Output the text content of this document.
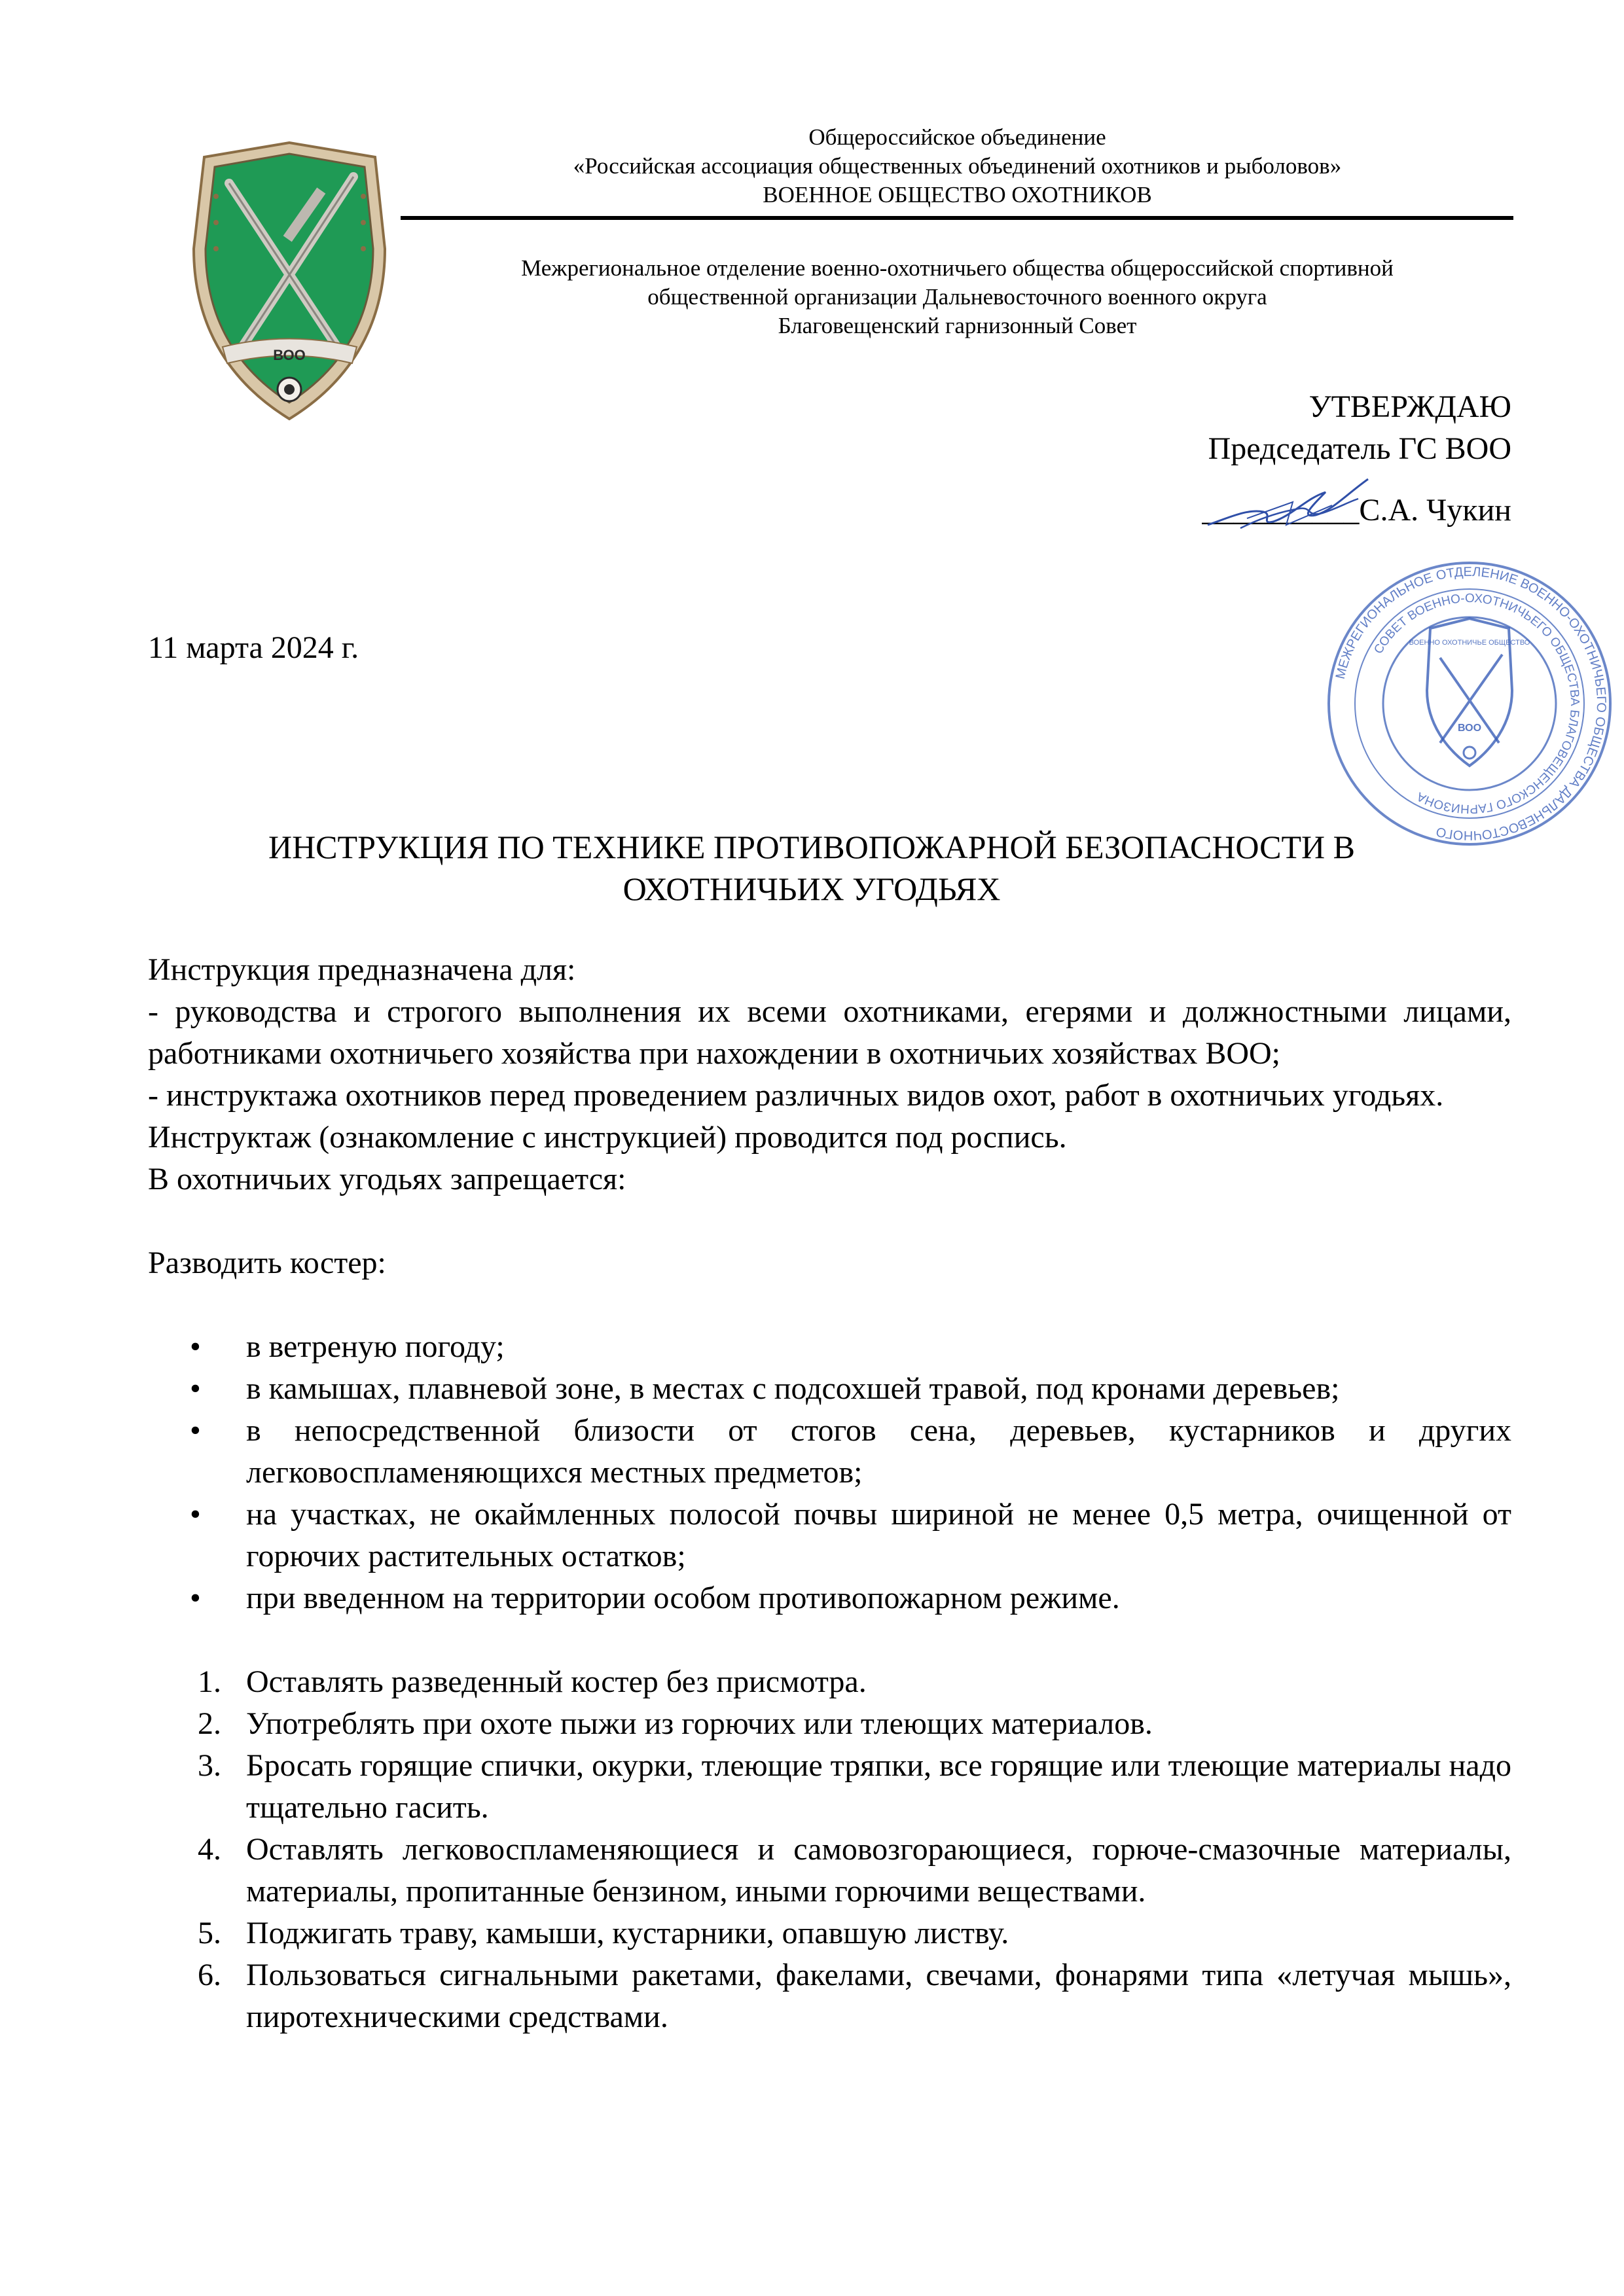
ВОО
Общероссийское объединение
«Российская ассоциация общественных объединений охотников и рыболовов»
ВОЕННОЕ ОБЩЕСТВО ОХОТНИКОВ
Межрегиональное отделение военно-охотничьего общества общероссийской спортивной
общественной организации Дальневосточного военного округа
Благовещенский гарнизонный Совет
УТВЕРЖДАЮ
Председатель ГС ВОО
__________С.А. Чукин
МЕЖРЕГИОНАЛЬНОЕ ОТДЕЛЕНИЕ ВОЕННО-ОХОТНИЧЬЕГО ОБЩЕСТВА ДАЛЬНЕВОСТОЧНОГО
СОВЕТ ВОЕННО-ОХОТНИЧЬЕГО ОБЩЕСТВА БЛАГОВЕЩЕНСКОГО ГАРНИЗОНА
ВОЕННО ОХОТНИЧЬЕ ОБЩЕСТВО
ВОО
11 марта 2024 г.
ИНСТРУКЦИЯ ПО ТЕХНИКЕ ПРОТИВОПОЖАРНОЙ БЕЗОПАСНОСТИ В
ОХОТНИЧЬИХ УГОДЬЯХ

Инструкция предназначена для:

- руководства и строгого выполнения их всеми охотниками, егерями и должностными лицами, работниками охотничьего хозяйства при нахождении в охотничьих хозяйствах ВОО;

- инструктажа охотников перед проведением различных видов охот, работ в охотничьих угодьях.

Инструктаж (ознакомление с инструкцией) проводится под роспись.

В охотничьих угодьях запрещается:

Разводить костер:

• в ветреную погоду;
• в камышах, плавневой зоне, в местах с подсохшей травой, под кронами деревьев;
• в непосредственной близости от стогов сена, деревьев, кустарников и других легковоспламеняющихся местных предметов;
• на участках, не окаймленных полосой почвы шириной не менее 0,5 метра, очищенной от горючих растительных остатков;
• при введенном на территории особом противопожарном режиме.
1. Оставлять разведенный костер без присмотра.
2. Употреблять при охоте пыжи из горючих или тлеющих материалов.
3. Бросать горящие спички, окурки, тлеющие тряпки, все горящие или тлеющие материалы надо тщательно гасить.
4. Оставлять легковоспламеняющиеся и самовозгорающиеся, горюче-смазочные материалы, материалы, пропитанные бензином, иными горючими веществами.
5. Поджигать траву, камыши, кустарники, опавшую листву.
6. Пользоваться сигнальными ракетами, факелами, свечами, фонарями типа «летучая мышь», пиротехническими средствами.
